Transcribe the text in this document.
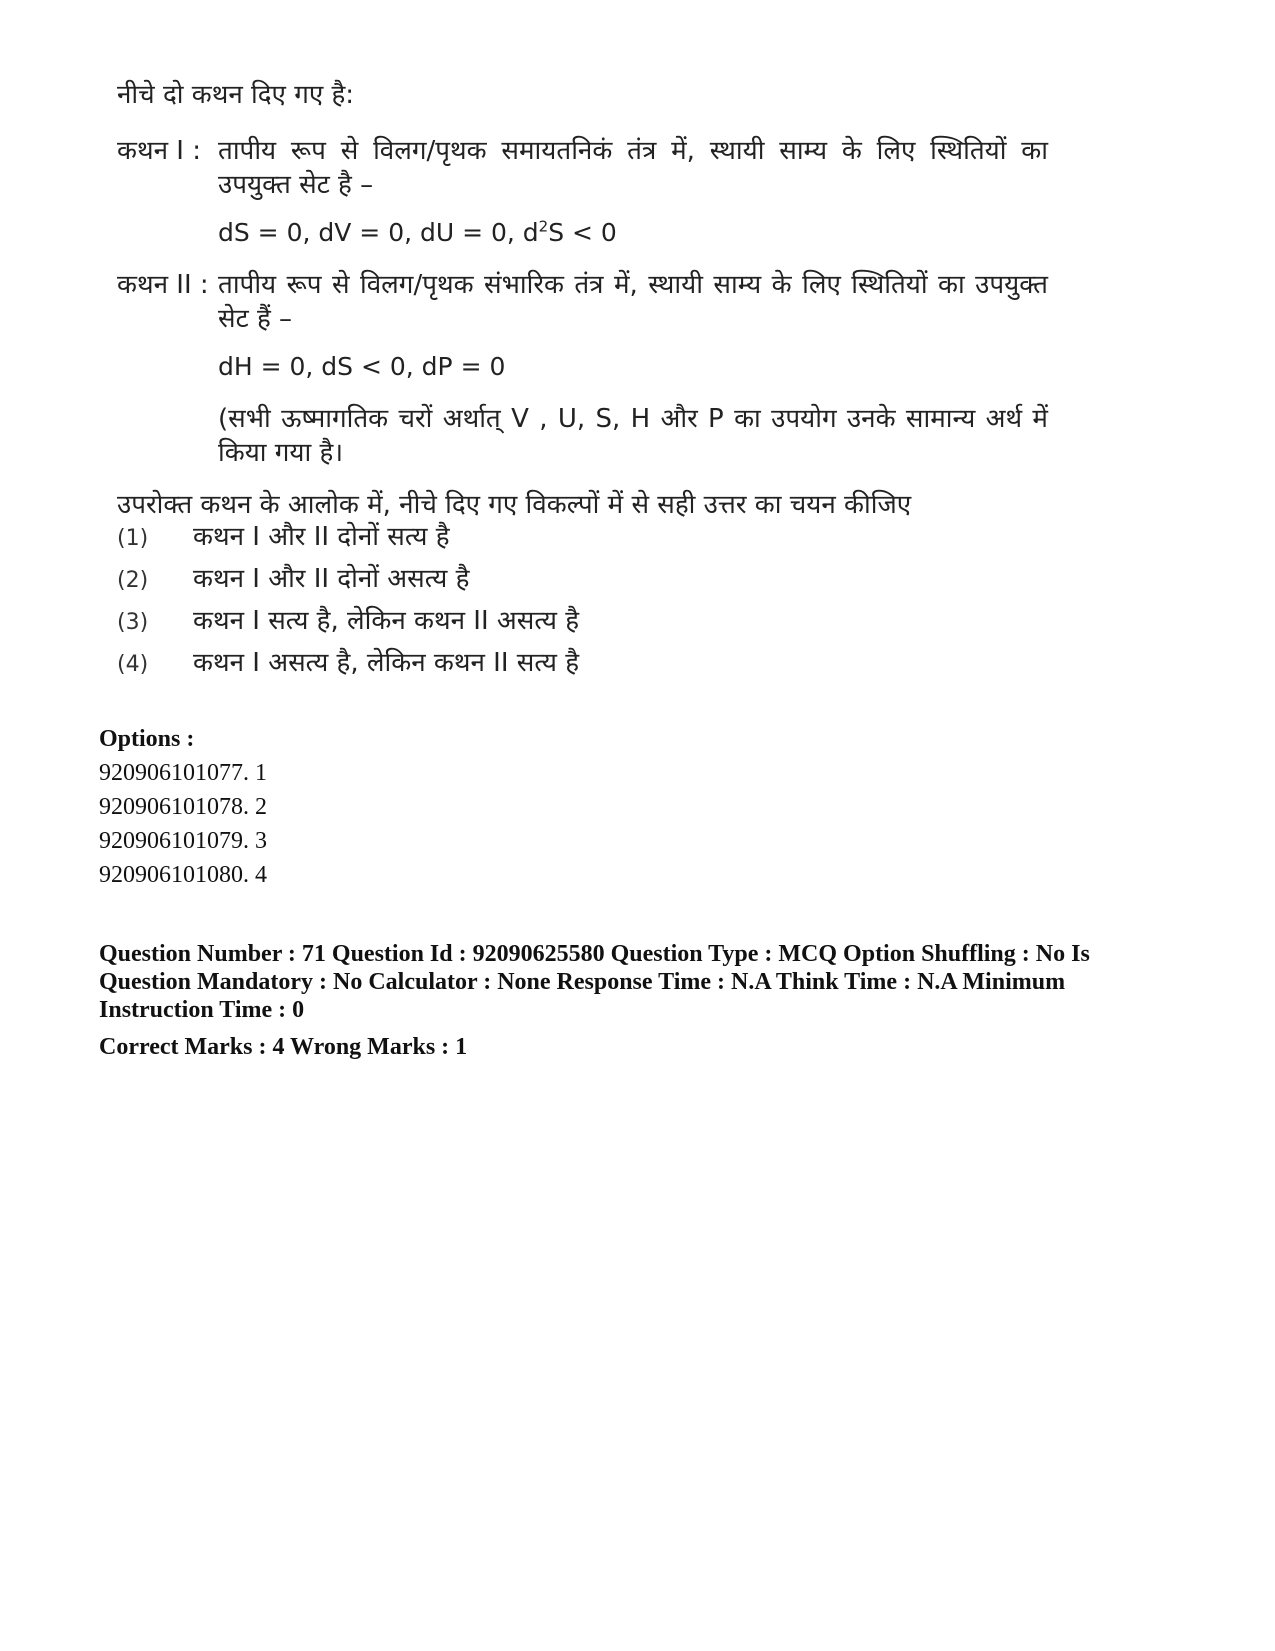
नीचे दो कथन दिए गए है:
कथन I : तापीय रूप से विलग/पृथक समायतनिकं तंत्र में, स्थायी साम्य के लिए स्थितियों का उपयुक्त सेट है –
dS = 0, dV = 0, dU = 0, $d^2S < 0$
कथन II : तापीय रूप से विलग/पृथक संभारिक तंत्र में, स्थायी साम्य के लिए स्थितियों का उपयुक्त सेट हैं –
dH = 0, dS < 0, dP = 0
(सभी ऊष्मागतिक चरों अर्थात् V , U, S, H और P का उपयोग उनके सामान्य अर्थ में किया गया है।
उपरोक्त कथन के आलोक में, नीचे दिए गए विकल्पों में से सही उत्तर का चयन कीजिए
(1) कथन I और II दोनों सत्य है
(2) कथन I और II दोनों असत्य है
(3) कथन I सत्य है, लेकिन कथन II असत्य है
(4) कथन I असत्य है, लेकिन कथन II सत्य है
Options :
920906101077. 1
920906101078. 2
920906101079. 3
920906101080. 4
Question Number : 71 Question Id : 92090625580 Question Type : MCQ Option Shuffling : No Is Question Mandatory : No Calculator : None Response Time : N.A Think Time : N.A Minimum Instruction Time : 0
Correct Marks : 4 Wrong Marks : 1
